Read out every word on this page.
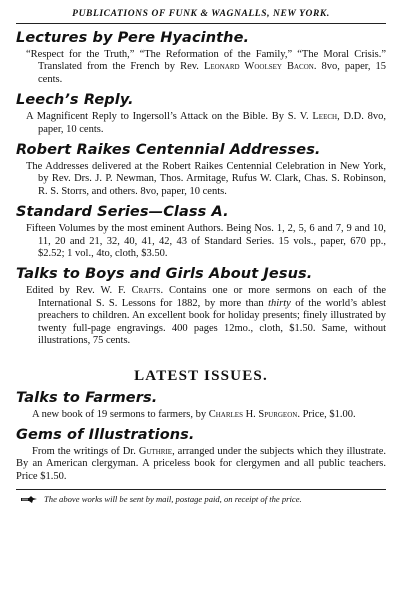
PUBLICATIONS OF FUNK & WAGNALLS, NEW YORK.
Lectures by Pere Hyacinthe.

“Respect for the Truth,” “The Reformation of the Family,” “The Moral Crisis.” Translated from the French by Rev. Leonard Woolsey Bacon. 8vo, paper, 15 cents.

Leech’s Reply.

A Magnificent Reply to Ingersoll’s Attack on the Bible. By S. V. Leech, D.D. 8vo, paper, 10 cents.

Robert Raikes Centennial Addresses.

The Addresses delivered at the Robert Raikes Centennial Celebration in New York, by Rev. Drs. J. P. Newman, Thos. Armitage, Rufus W. Clark, Chas. S. Robinson, R. S. Storrs, and others. 8vo, paper, 10 cents.

Standard Series—Class A.

Fifteen Volumes by the most eminent Authors. Being Nos. 1, 2, 5, 6 and 7, 9 and 10, 11, 20 and 21, 32, 40, 41, 42, 43 of Standard Series. 15 vols., paper, 670 pp., $2.52; 1 vol., 4to, cloth, $3.50.

Talks to Boys and Girls About Jesus.

Edited by Rev. W. F. Crafts. Contains one or more sermons on each of the International S. S. Lessons for 1882, by more than thirty of the world’s ablest preachers to children. An excellent book for holiday presents; finely illustrated by twenty full-page engravings. 400 pages 12mo., cloth, $1.50. Same, without illustrations, 75 cents.

LATEST ISSUES.
Talks to Farmers.

A new book of 19 sermons to farmers, by Charles H. Spurgeon. Price, $1.00.

Gems of Illustrations.

From the writings of Dr. Guthrie, arranged under the subjects which they illustrate. By an American clergyman. A priceless book for clergymen and all public teachers. Price $1.50.

The above works will be sent by mail, postage paid, on receipt of the price.
